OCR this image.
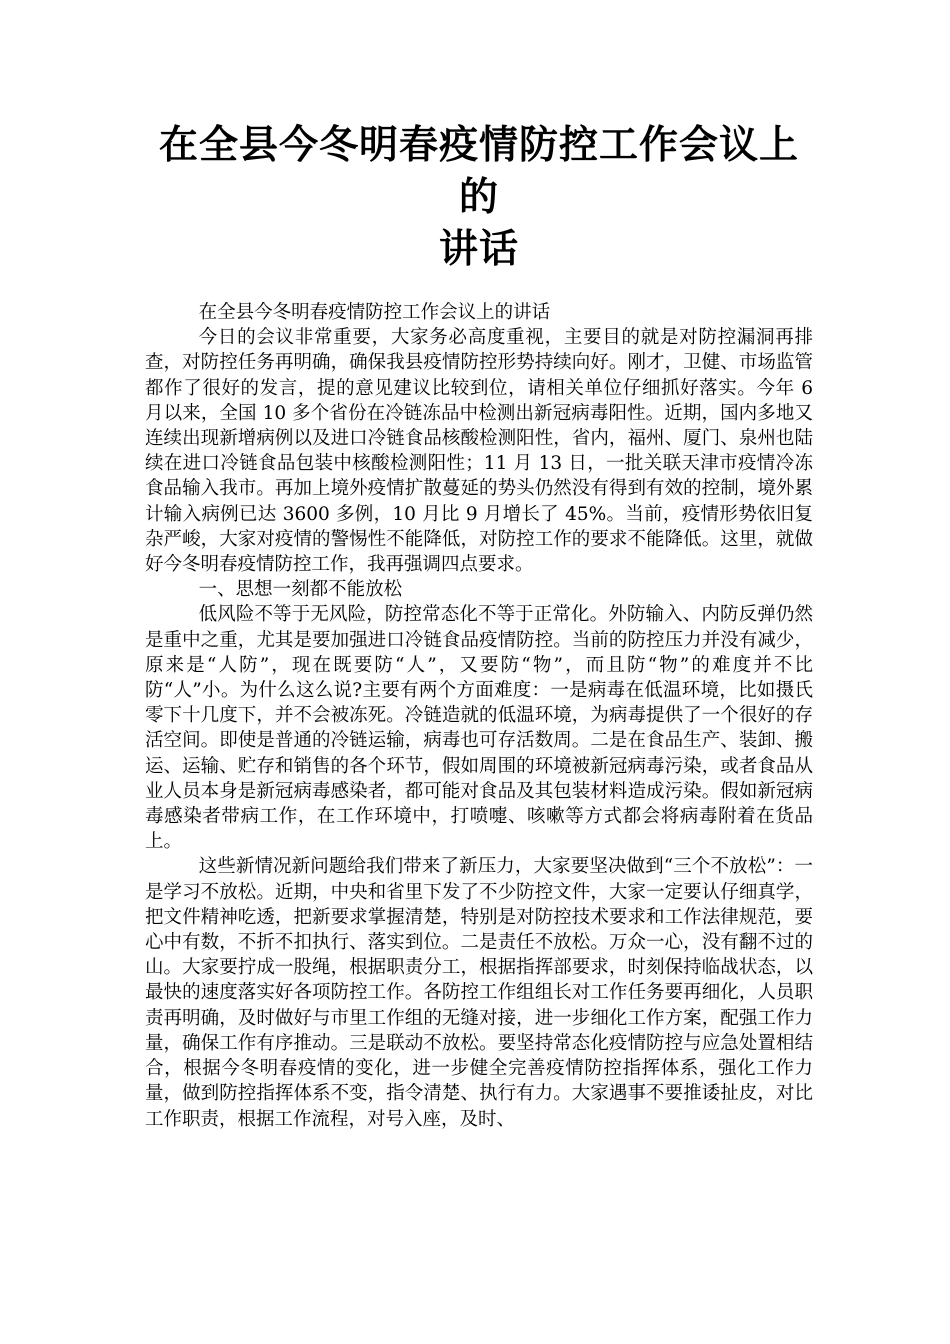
在全县今冬明春疫情防控工作会议上的
讲话

在全县今冬明春疫情防控工作会议上的讲话

今日的会议非常重要，大家务必高度重视，主要目的就是对防控漏洞再排查，对防控任务再明确，确保我县疫情防控形势持续向好。刚才，卫健、市场监管都作了很好的发言，提的意见建议比较到位，请相关单位仔细抓好落实。今年 6 月以来，全国 10 多个省份在冷链冻品中检测出新冠病毒阳性。近期，国内多地又连续出现新增病例以及进口冷链食品核酸检测阳性，省内，福州、厦门、泉州也陆续在进口冷链食品包装中核酸检测阳性；11 月 13 日，一批关联天津市疫情冷冻食品输入我市。再加上境外疫情扩散蔓延的势头仍然没有得到有效的控制，境外累计输入病例已达 3600 多例，10 月比 9 月增长了 45%。当前，疫情形势依旧复杂严峻，大家对疫情的警惕性不能降低，对防控工作的要求不能降低。这里，就做好今冬明春疫情防控工作，我再强调四点要求。

一、思想一刻都不能放松

低风险不等于无风险，防控常态化不等于正常化。外防输入、内防反弹仍然是重中之重，尤其是要加强进口冷链食品疫情防控。当前的防控压力并没有减少，原来是“人防”，现在既要防“人”，又要防“物”，而且防“物”的难度并不比防“人”小。为什么这么说?主要有两个方面难度：一是病毒在低温环境，比如摄氏零下十几度下，并不会被冻死。冷链造就的低温环境，为病毒提供了一个很好的存活空间。即使是普通的冷链运输，病毒也可存活数周。二是在食品生产、装卸、搬运、运输、贮存和销售的各个环节，假如周围的环境被新冠病毒污染，或者食品从业人员本身是新冠病毒感染者，都可能对食品及其包装材料造成污染。假如新冠病毒感染者带病工作，在工作环境中，打喷嚏、咳嗽等方式都会将病毒附着在货品上。

这些新情况新问题给我们带来了新压力，大家要坚决做到“三个不放松”：一是学习不放松。近期，中央和省里下发了不少防控文件，大家一定要认仔细真学，把文件精神吃透，把新要求掌握清楚，特别是对防控技术要求和工作法律规范，要心中有数，不折不扣执行、落实到位。二是责任不放松。万众一心，没有翻不过的山。大家要拧成一股绳，根据职责分工，根据指挥部要求，时刻保持临战状态，以最快的速度落实好各项防控工作。各防控工作组组长对工作任务要再细化，人员职责再明确，及时做好与市里工作组的无缝对接，进一步细化工作方案，配强工作力量，确保工作有序推动。三是联动不放松。要坚持常态化疫情防控与应急处置相结合，根据今冬明春疫情的变化，进一步健全完善疫情防控指挥体系，强化工作力量，做到防控指挥体系不变，指令清楚、执行有力。大家遇事不要推诿扯皮，对比工作职责，根据工作流程，对号入座，及时、
